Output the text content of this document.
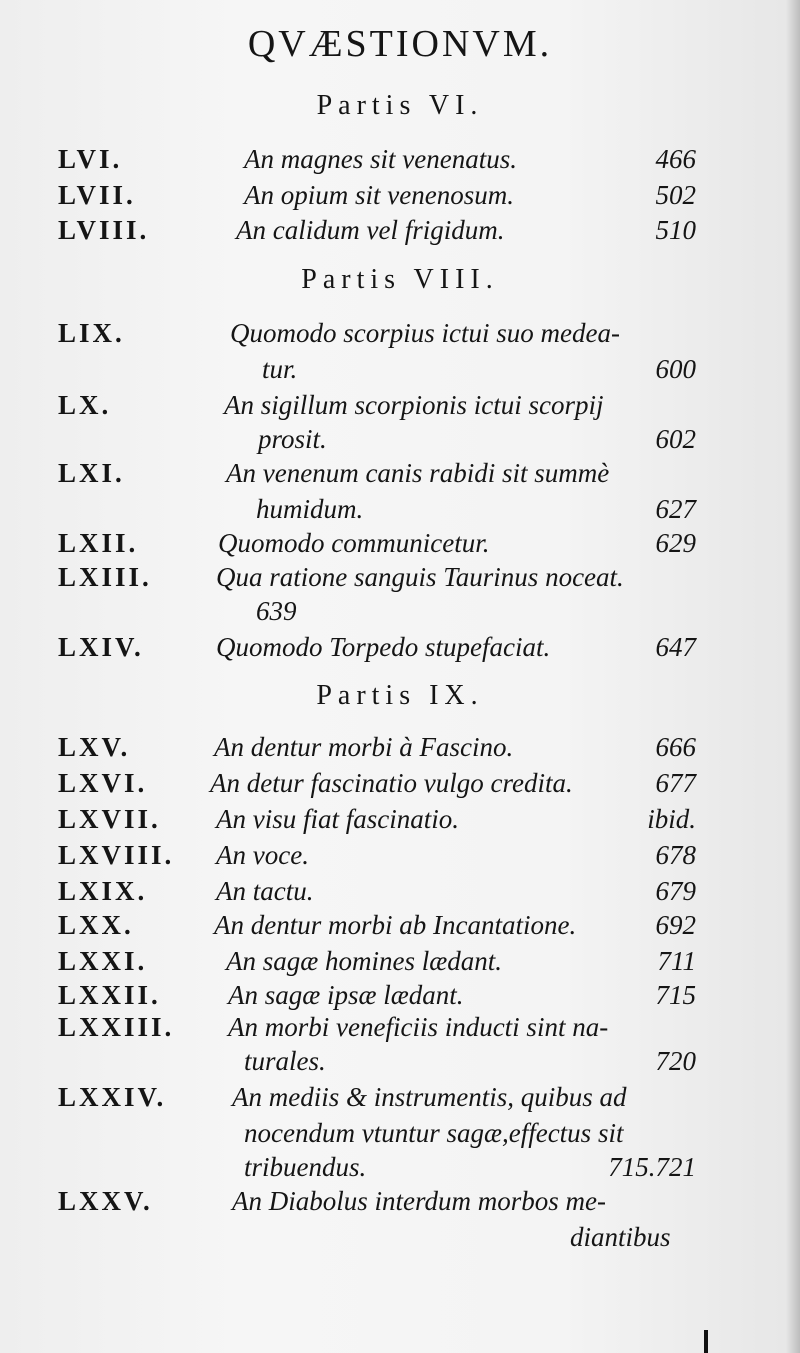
QVÆSTIONVM.
Partis VI.
LVI.	An magnes sit venenatus.	466
LVII.	An opium sit venenosum.	502
LVIII.	An calidum vel frigidum.	510
Partis VIII.
LIX.	Quomodo scorpius ictui suo medea-
tur.	600
LX.	An sigillum scorpionis ictui scorpij
prosit.	602
LXI.	An venenum canis rabidi sit summè
humidum.	627
LXII.	Quomodo communicetur.	629
LXIII. Qua ratione sanguis Taurinus noceat.
639
LXIV.	Quomodo Torpedo stupefaciat.	647
Partis IX.
LXV.	An dentur morbi à Fascino.	666
LXVI. An detur fascinatio vulgo credita.	677
LXVII. An visu fiat fascinatio.	ibid.
LXVIII. An voce.	678
LXIX.	An tactu.	679
LXX.	An dentur morbi ab Incantatione.	692
LXXI.	An sagæ homines lædant.	711
LXXII. An sagæ ipsæ lædant.	715
LXXIII. An morbi veneficiis inducti sint na-
turales.	720
LXXIV. An mediis & instrumentis, quibus ad
nocendum vtuntur sagæ,effectus sit
tribuendus.	715.721
LXXV.	An Diabolus interdum morbos me-
diantibus
